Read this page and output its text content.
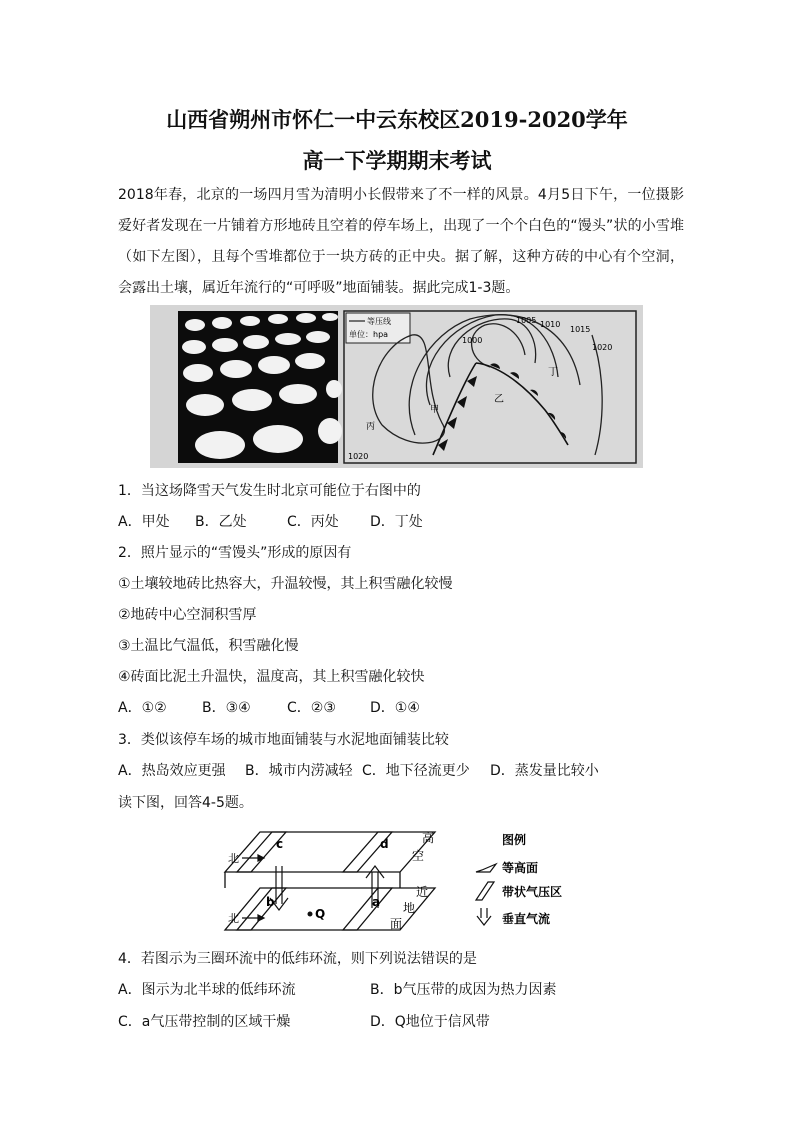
山西省朔州市怀仁一中云东校区2019-2020学年
高一下学期期末考试

2018年春，北京的一场四月雪为清明小长假带来了不一样的风景。4月5日下午，一位摄影爱好者发现在一片铺着方形地砖且空着的停车场上，出现了一个个白色的“馒头”状的小雪堆（如下左图），且每个雪堆都位于一块方砖的正中央。据了解，这种方砖的中心有个空洞，会露出土壤，属近年流行的“可呼吸”地面铺装。据此完成1-3题。

等压线
单位：hpa
1000
1005 1010
1015
1020
1020
甲
乙
丙
丁
1．当这场降雪天气发生时北京可能位于右图中的
A．甲处 B．乙处	C．丙处 D．丁处
2．照片显示的“雪馒头”形成的原因有
①土壤较地砖比热容大，升温较慢，其上积雪融化较慢
②地砖中心空洞积雪厚
③土温比气温低，积雪融化慢
④砖面比泥土升温快，温度高，其上积雪融化较快
A．①②	B．③④	C．②③ D．①④
3．类似该停车场的城市地面铺装与水泥地面铺装比较
A．热岛效应更强 B．城市内涝减轻 C．地下径流更少 D．蒸发量比较小
读下图，回答4-5题。
北
北
c	d
b	a
Q
高
空
近
地
面
图例
等高面
带状气压区
垂直气流
4．若图示为三圈环流中的低纬环流，则下列说法错误的是
A．图示为北半球的低纬环流	B．b气压带的成因为热力因素
C．a气压带控制的区域干燥	D．Q地位于信风带
